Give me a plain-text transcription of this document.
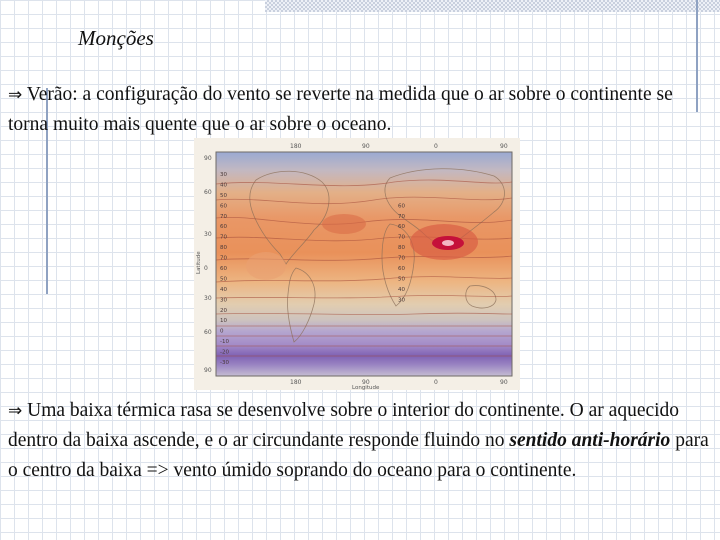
Monções

⇒ Verão: a configuração do vento se reverte na medida que o ar sobre o continente se torna muito mais quente que o ar sobre o oceano.

180	90	0	90
180	90	0	90
90
60
30
0
30
60
90
Longitude
Latitude
30
40
50
60	60
70	70
60	60
70	70
80	80
70	70
60	60
50	50
40	40
30	30
20
10
0
-10
-20
-30

⇒ Uma baixa térmica rasa se desenvolve sobre o interior do continente. O ar aquecido dentro da baixa ascende, e o ar circundante responde fluindo no sentido anti-horário para o centro da baixa => vento úmido soprando do oceano para o continente.
